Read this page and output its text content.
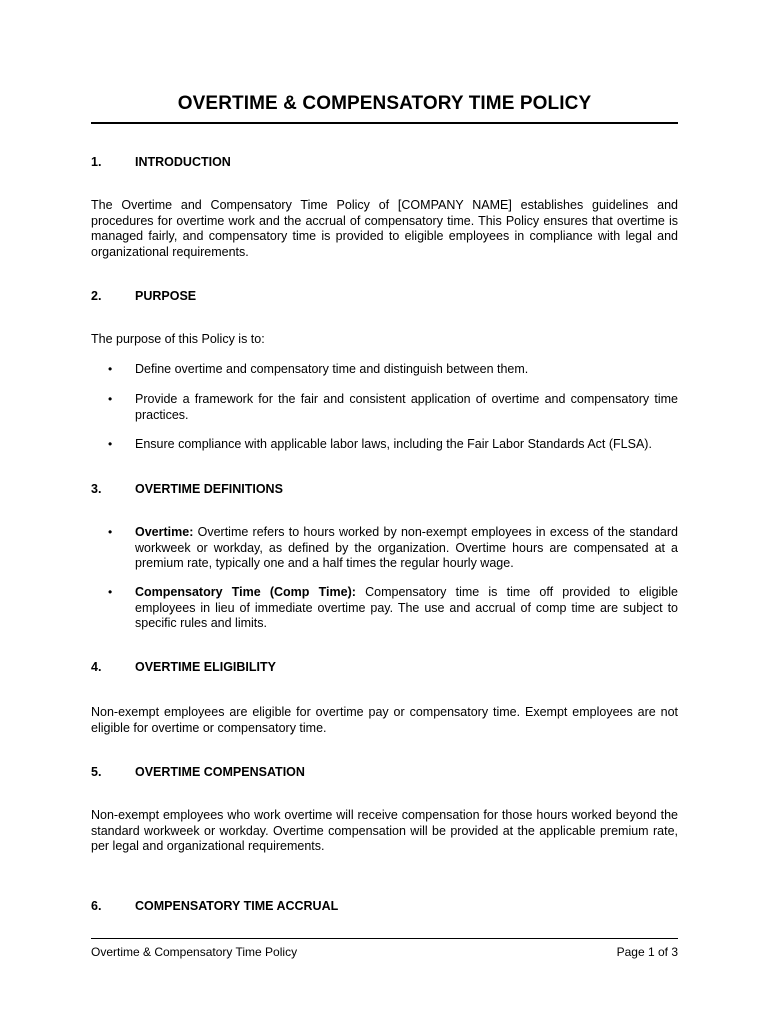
OVERTIME & COMPENSATORY TIME POLICY
1.	INTRODUCTION
The Overtime and Compensatory Time Policy of [COMPANY NAME] establishes guidelines and procedures for overtime work and the accrual of compensatory time. This Policy ensures that overtime is managed fairly, and compensatory time is provided to eligible employees in compliance with legal and organizational requirements.
2.	PURPOSE
The purpose of this Policy is to:
• Define overtime and compensatory time and distinguish between them.
• Provide a framework for the fair and consistent application of overtime and compensatory time practices.
• Ensure compliance with applicable labor laws, including the Fair Labor Standards Act (FLSA).
3.	OVERTIME DEFINITIONS
• Overtime: Overtime refers to hours worked by non-exempt employees in excess of the standard workweek or workday, as defined by the organization. Overtime hours are compensated at a premium rate, typically one and a half times the regular hourly wage.
• Compensatory Time (Comp Time): Compensatory time is time off provided to eligible employees in lieu of immediate overtime pay. The use and accrual of comp time are subject to specific rules and limits.
4.	OVERTIME ELIGIBILITY
Non-exempt employees are eligible for overtime pay or compensatory time. Exempt employees are not eligible for overtime or compensatory time.
5.	OVERTIME COMPENSATION
Non-exempt employees who work overtime will receive compensation for those hours worked beyond the standard workweek or workday. Overtime compensation will be provided at the applicable premium rate, per legal and organizational requirements.
6.	COMPENSATORY TIME ACCRUAL
Overtime & Compensatory Time Policy	Page 1 of 3
